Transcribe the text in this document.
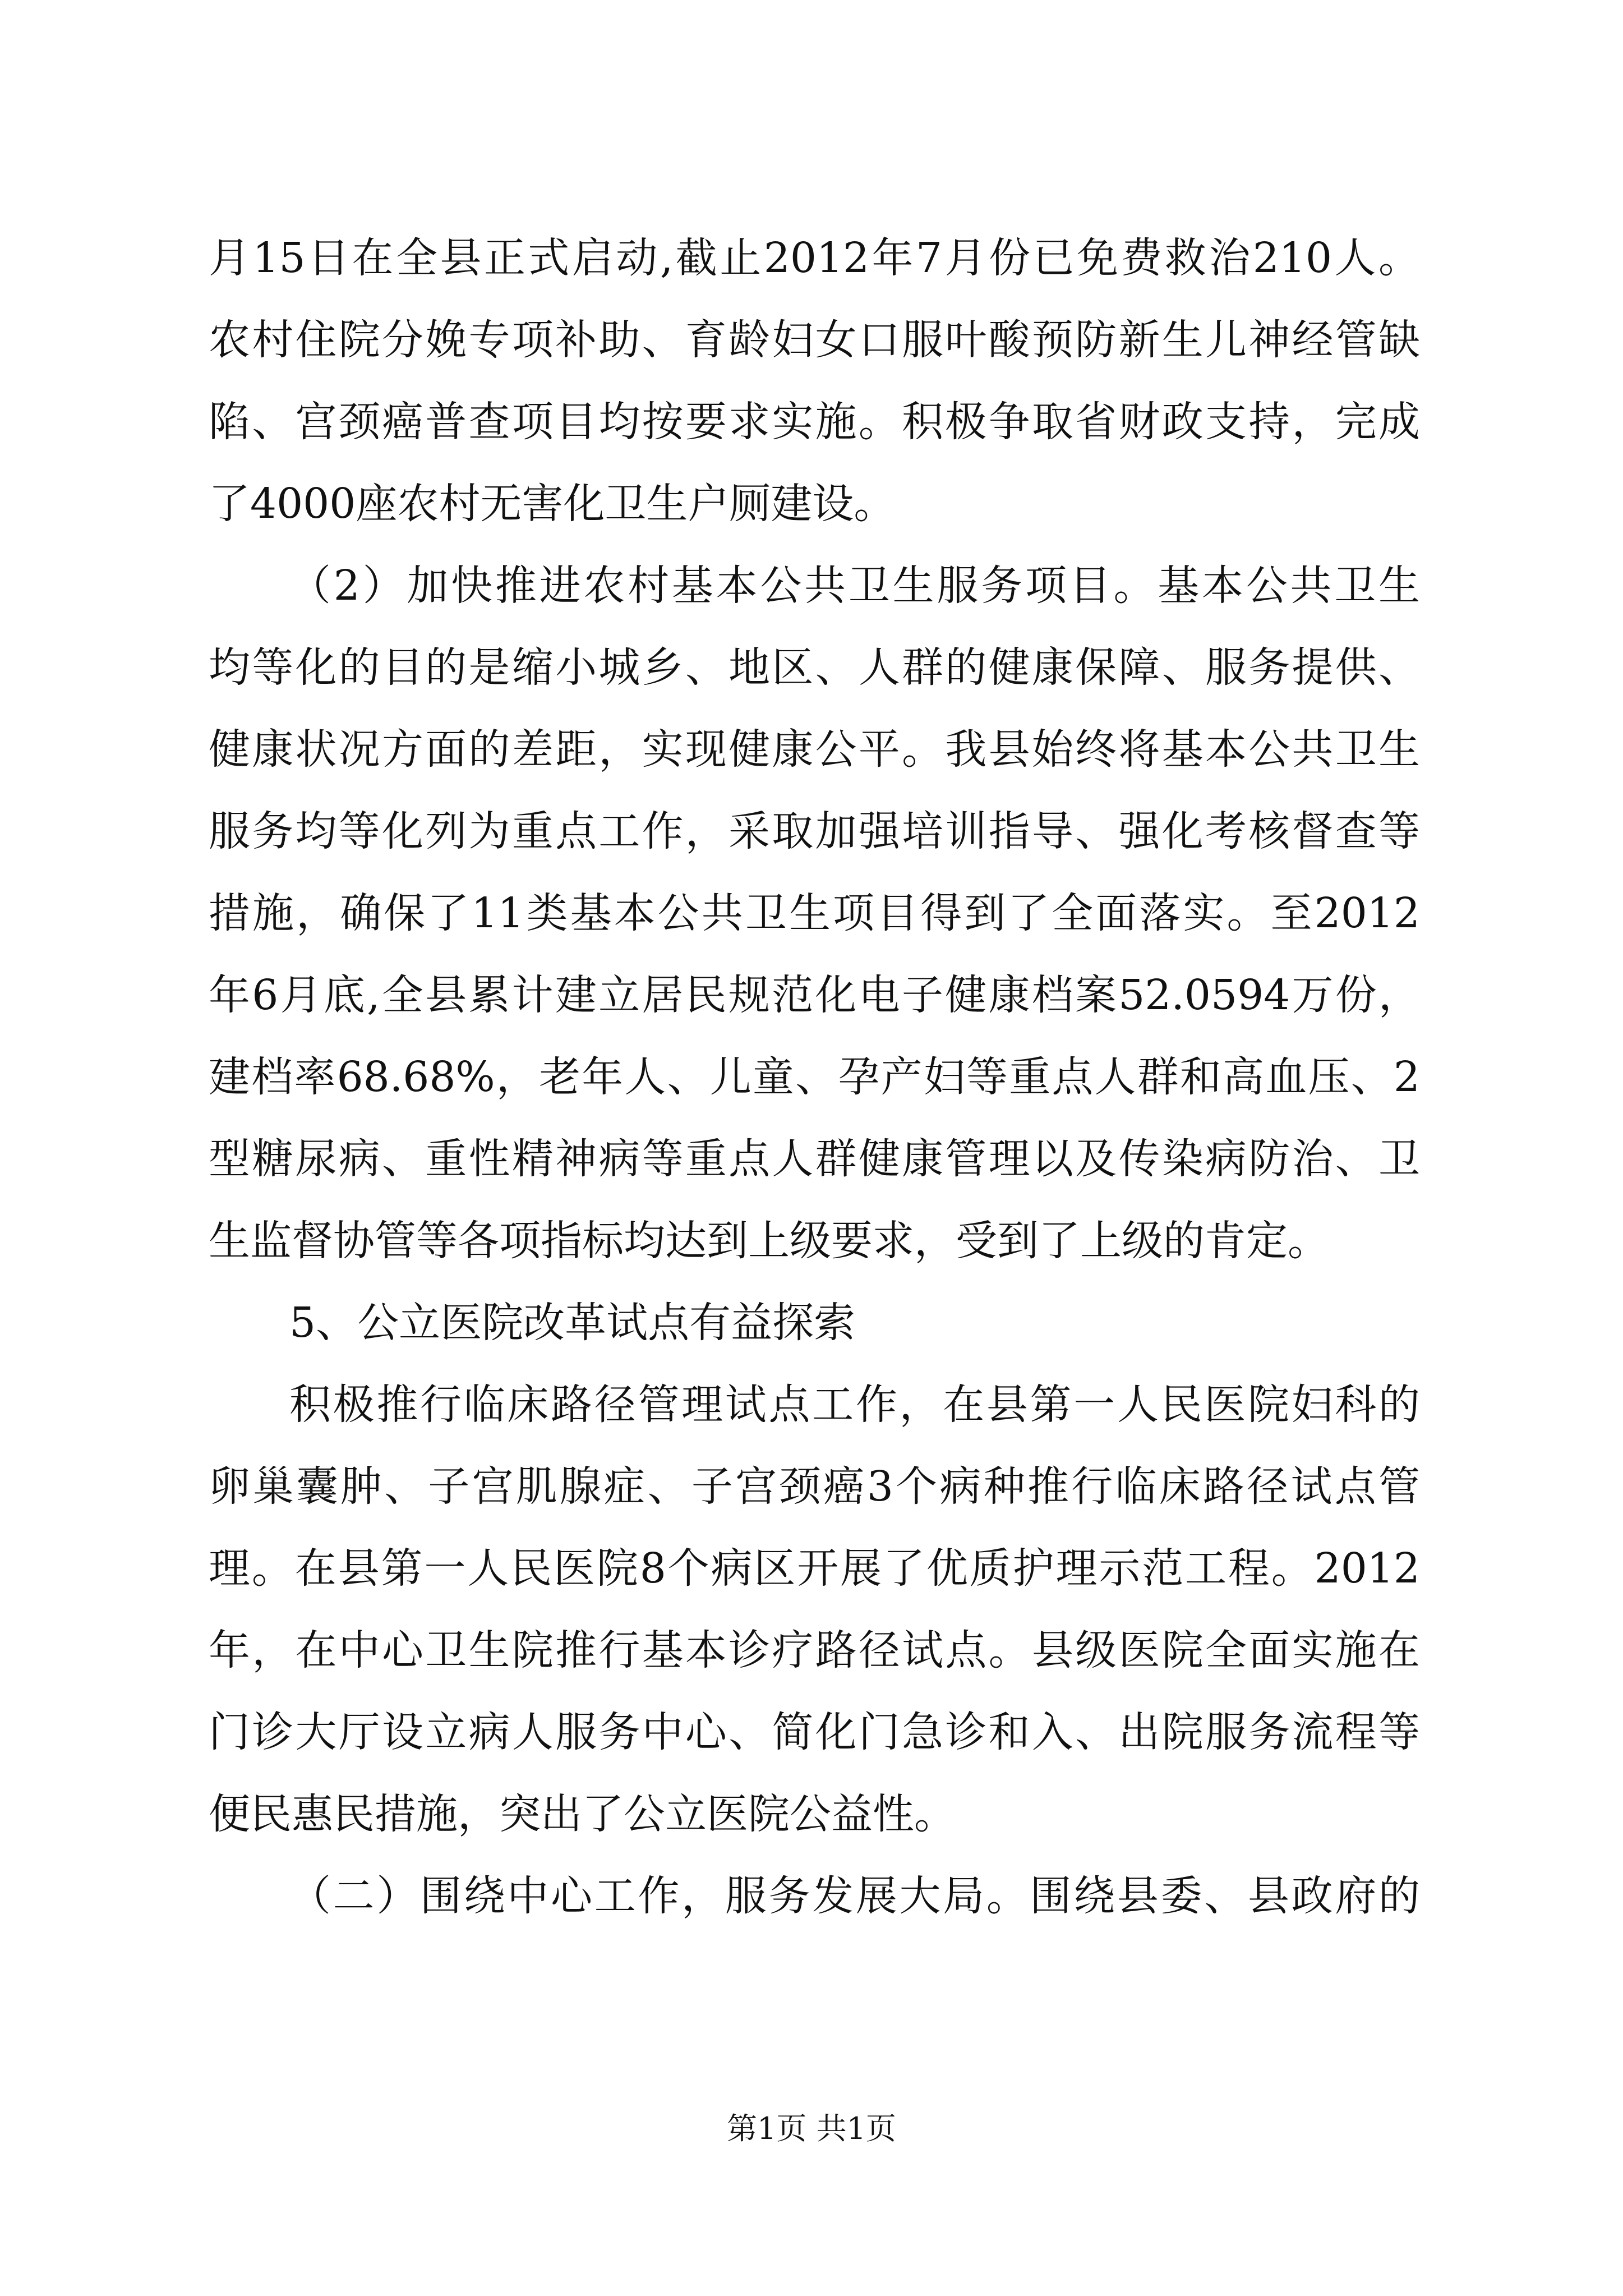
月15日在全县正式启动,截止2012年7月份已免费救治210人。
农村住院分娩专项补助、育龄妇女口服叶酸预防新生儿神经管缺
陷、宫颈癌普查项目均按要求实施。积极争取省财政支持，完成
了4000座农村无害化卫生户厕建设。
（2）加快推进农村基本公共卫生服务项目。基本公共卫生
均等化的目的是缩小城乡、地区、人群的健康保障、服务提供、
健康状况方面的差距，实现健康公平。我县始终将基本公共卫生
服务均等化列为重点工作，采取加强培训指导、强化考核督查等
措施，确保了11类基本公共卫生项目得到了全面落实。至2012
年6月底,全县累计建立居民规范化电子健康档案52.0594万份，
建档率68.68%，老年人、儿童、孕产妇等重点人群和高血压、2
型糖尿病、重性精神病等重点人群健康管理以及传染病防治、卫
生监督协管等各项指标均达到上级要求，受到了上级的肯定。
5、公立医院改革试点有益探索
积极推行临床路径管理试点工作，在县第一人民医院妇科的
卵巢囊肿、子宫肌腺症、子宫颈癌3个病种推行临床路径试点管
理。在县第一人民医院8个病区开展了优质护理示范工程。2012
年，在中心卫生院推行基本诊疗路径试点。县级医院全面实施在
门诊大厅设立病人服务中心、简化门急诊和入、出院服务流程等
便民惠民措施，突出了公立医院公益性。
（二）围绕中心工作，服务发展大局。围绕县委、县政府的
第1页 共1页
